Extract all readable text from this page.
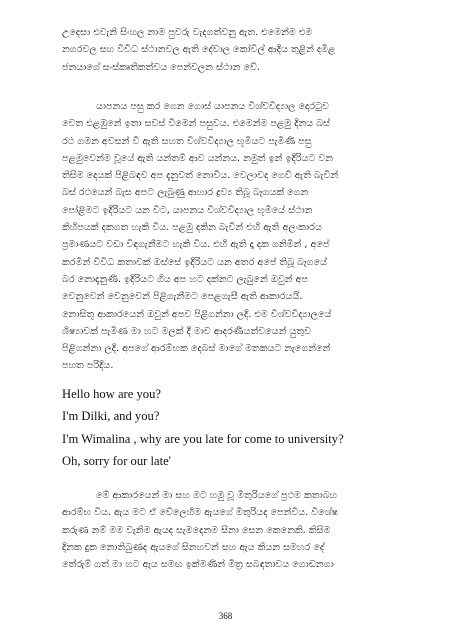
උදෙසා එවැනි සිංහල නාම පුවරු වැදගත්වනු ඇත. එමෙන්ම එම
නගරවල සහ විවිධ ස්ථානවල ඇති දේවාල කෝවිල් ආදිය තුළින් දමිළ
ජනයාගේ සංස්කෘතිකත්වය පෙන්වලන ස්ථාන වේ.
යාපනය පසු කර ගෙන ගොස් යාපනය විශ්වවිද්‍යාල දොරටුව
වෙත එළඹුනේ ඉතා සවස් වීමෙන් පසුවය. එමෙන්ම පළමු දිනය බස්
රථ ගමන අවසන් වී ඇති සහත විශ්වවිද්‍යාල භූමියට පැමිණි පසු
පළමුවෙන්ම වූයේ ඇති යන්තම් ආව යන්නය. නමුත් ඉන් ඉදිරියට වන
තිසිම දෙයක් පිළිබඳව අප දැනුවත් නොවීය. වෙලාවද ගෙවී ඇති බැවින්
බස් රථයෙන් බැස අපට ලැබුණු ආහාර ද්‍රව්‍ය තිබූ බෑගයක් ගෙන
පෝළිමට ඉදිරියට යන විට, යාපනය විශ්වවිද්‍යාල භූමියේ ස්ථාන
කිහිපයක් දකගත හැකි විය. පළමු දකින බැවින් එහි ඇති අලංකාරය
ප්‍රමාණයට වඩා විඳගැනීමට හැකි විය. එහි ඇති දෑ දක ගනිමින් , අපේ
කරමින් විවිධ කතාවක් ඔස්සේ ඉදිරියට යන අතර අපේ තිබූ බෑගයේ
බර නොදැනුණි. ඉදිරියට ගිය අප හට දක්නට ලැබුනේ ඔවුන් අප
වෙනුවෙන් වෙනුවෙන් පිළිගැනීමට පෙළගැසී ඇති ආකාරයයි.
නොසිතූ ආකාරයෙන් ඔවුන් අපව පිළිගන්නා ලදි. එම විශ්වවිද්‍යාලයේ
ශිෂ්‍යාවක් පැමිණ මා හට මලක් දී මාව ආදරණීයත්වයෙන් යුතුව
පිළිගන්නා ලදි. අපගේ ආරම්භක දෙබස් මාගේ මතකයට නැගෙන්නේ
පහත පරිදිය.
Hello how are you?
I'm Dilki, and you?
I'm Wimalina , why are you late for come to university?
Oh, sorry for our late'
මේ ආකාරයෙන් මා සහ මට හමු වූ මිතුරියගේ ප්‍රථම කතාබහ
ආරම්භ විය. ඇය මට ඒ වේලෙහිම ඇයගේ මිතුරියද පෙන්වීය. විශේෂ
කරුණ නම් මම වැනිම ඇයද සැමදෙනම සිනා සෙන කෙනෙකි. කිසිම
දිනක දුක නොතිබුණද ඇයගේ සිනහවන් සහ ඇය කියන සමහර දේ
තේරුම් ගත් මා හට ඇය සමඟ ඉක්මණින් මිත්‍ර සබඳතාවය ගොඩනගා
368
